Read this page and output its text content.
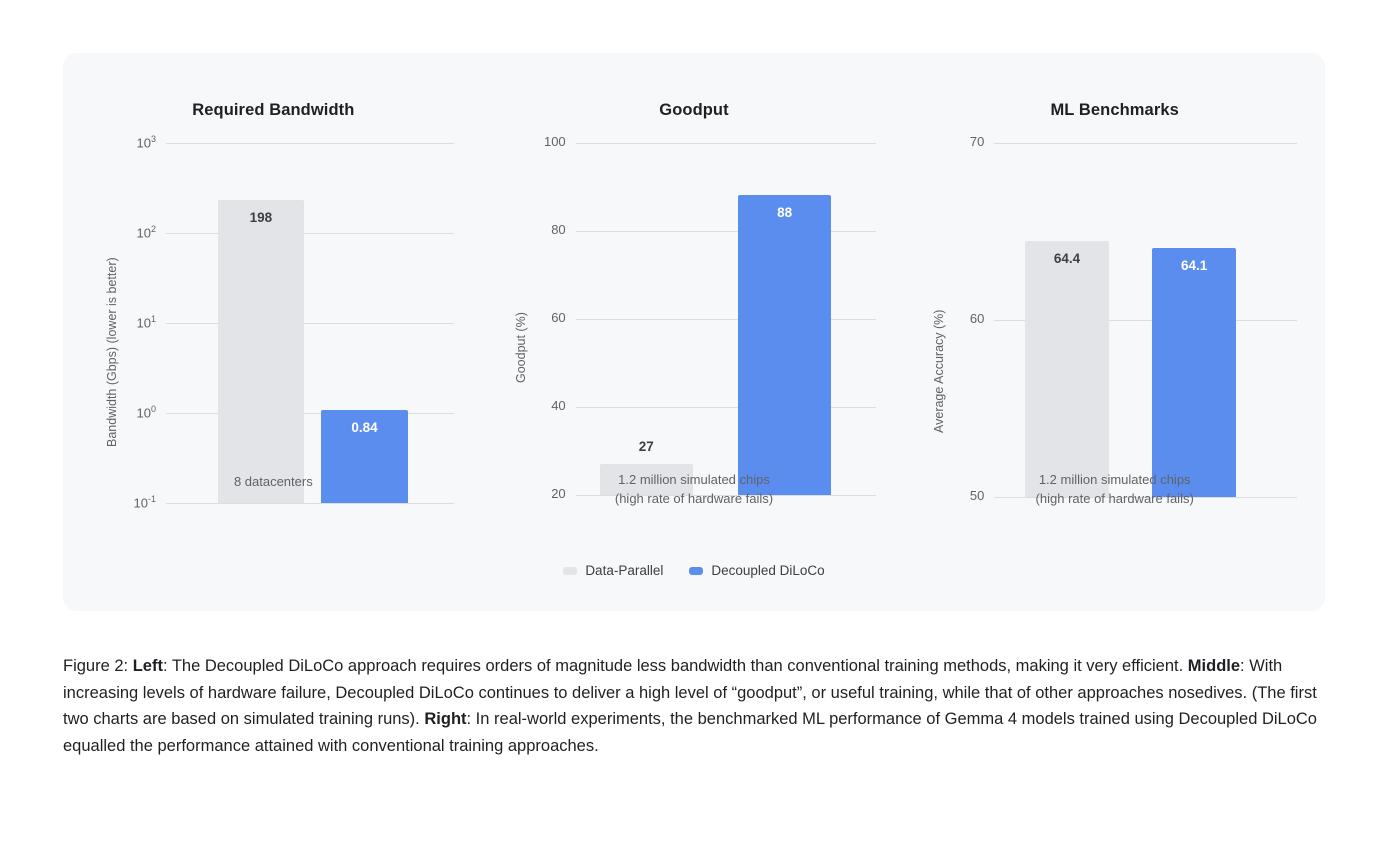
Required Bandwidth
Bandwidth (Gbps) (lower is better)
$10^3$
$10^2$
$10^1$
$10^0$
$10^{-1}$
198
0.84
8 datacenters
Goodput
Goodput (%)
100
80
60
40
20
27
88
1.2 million simulated chips
(high rate of hardware fails)
ML Benchmarks
Average Accuracy (%)
70
60
50
64.4	64.1
1.2 million simulated chips
(high rate of hardware fails)
Data-Parallel	Decoupled DiLoCo
Figure 2: Left: The Decoupled DiLoCo approach requires orders of magnitude less bandwidth than conventional training methods, making it very efficient. Middle: With increasing levels of hardware failure, Decoupled DiLoCo continues to deliver a high level of “goodput”, or useful training, while that of other approaches nosedives. (The first two charts are based on simulated training runs). Right: In real-world experiments, the benchmarked ML performance of Gemma 4 models trained using Decoupled DiLoCo equalled the performance attained with conventional training approaches.
